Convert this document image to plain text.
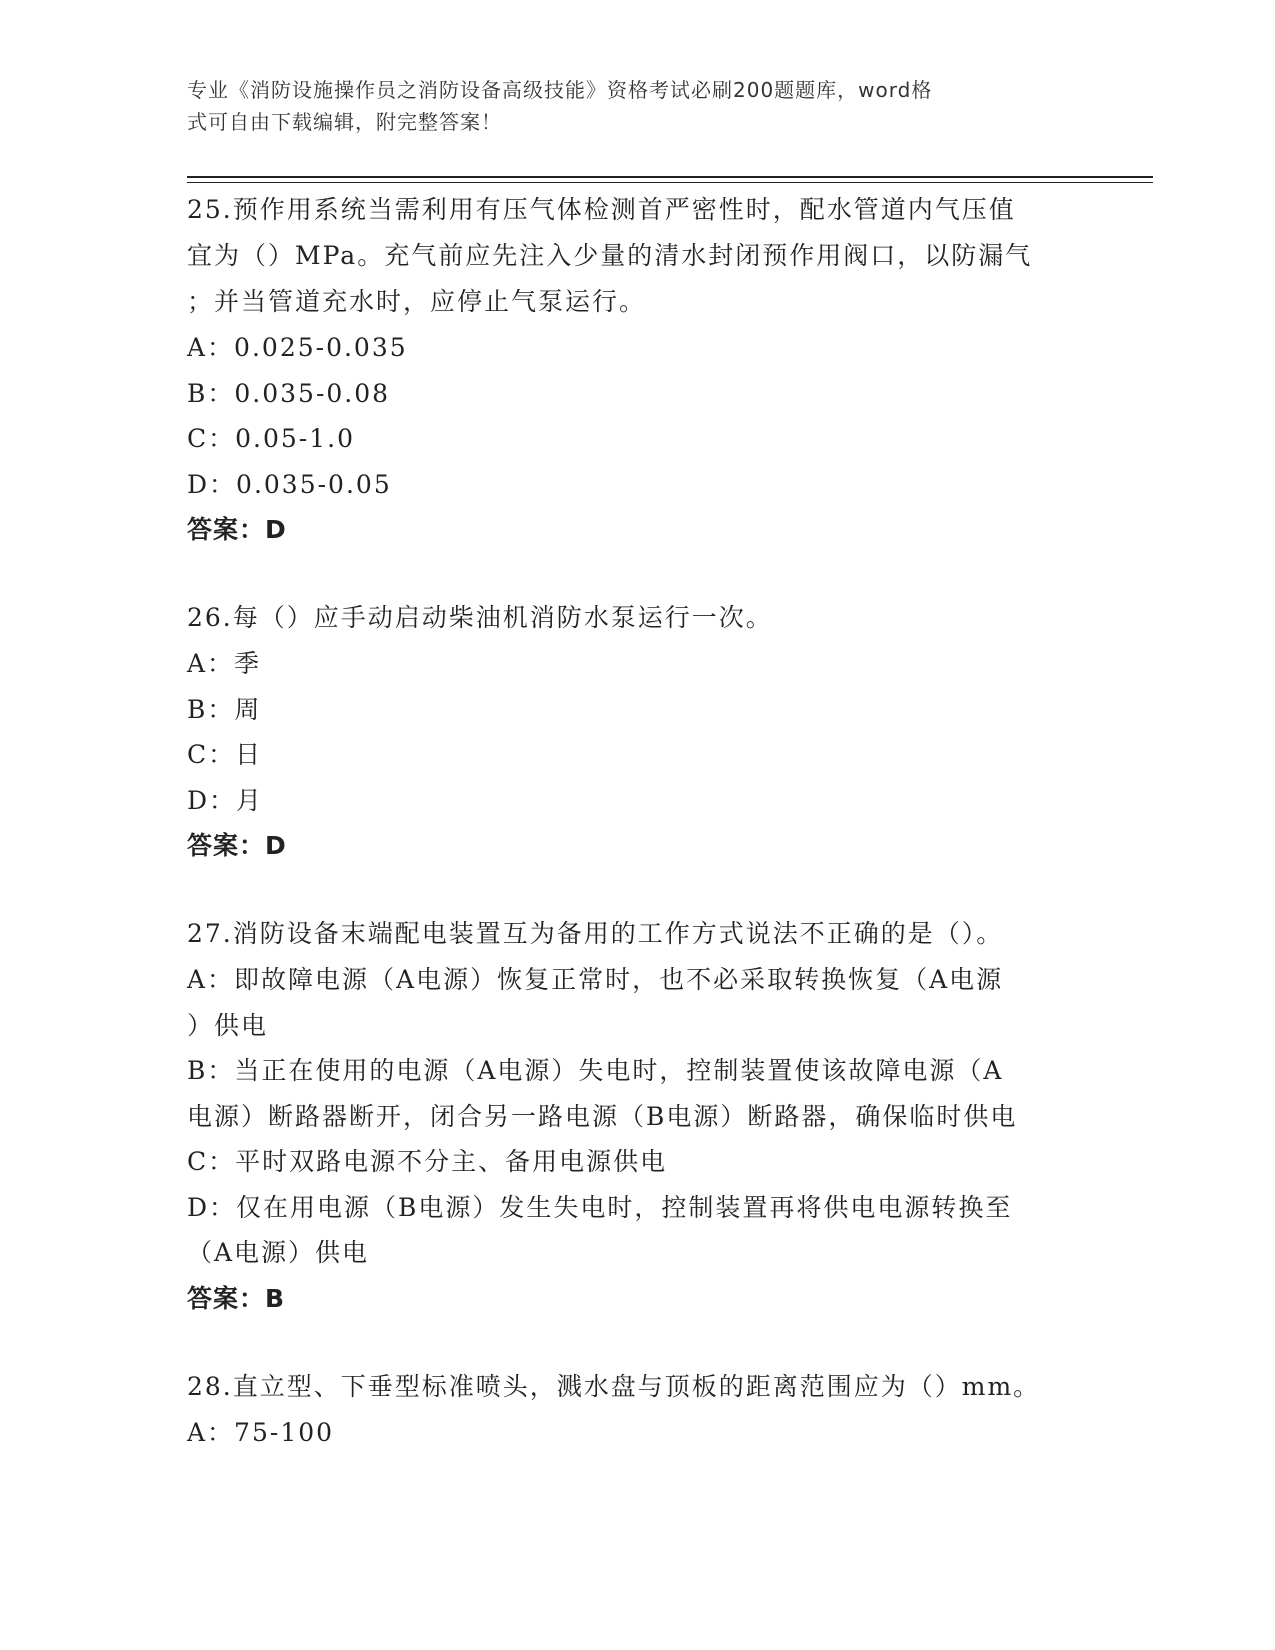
专业《消防设施操作员之消防设备高级技能》资格考试必刷200题题库，word格
式可自由下载编辑，附完整答案！

25.预作用系统当需利用有压气体检测首严密性时，配水管道内气压值

宜为（）MPa。充气前应先注入少量的清水封闭预作用阀口，以防漏气

；并当管道充水时，应停止气泵运行。

A：0.025-0.035

B：0.035-0.08

C：0.05-1.0

D：0.035-0.05

答案：D

26.每（）应手动启动柴油机消防水泵运行一次。

A：季

B：周

C：日

D：月

答案：D

27.消防设备末端配电装置互为备用的工作方式说法不正确的是（）。

A：即故障电源（A电源）恢复正常时，也不必采取转换恢复（A电源

）供电

B：当正在使用的电源（A电源）失电时，控制装置使该故障电源（A

电源）断路器断开，闭合另一路电源（B电源）断路器，确保临时供电

C：平时双路电源不分主、备用电源供电

D：仅在用电源（B电源）发生失电时，控制装置再将供电电源转换至

（A电源）供电

答案：B

28.直立型、下垂型标准喷头，溅水盘与顶板的距离范围应为（）mm。

A：75-100
